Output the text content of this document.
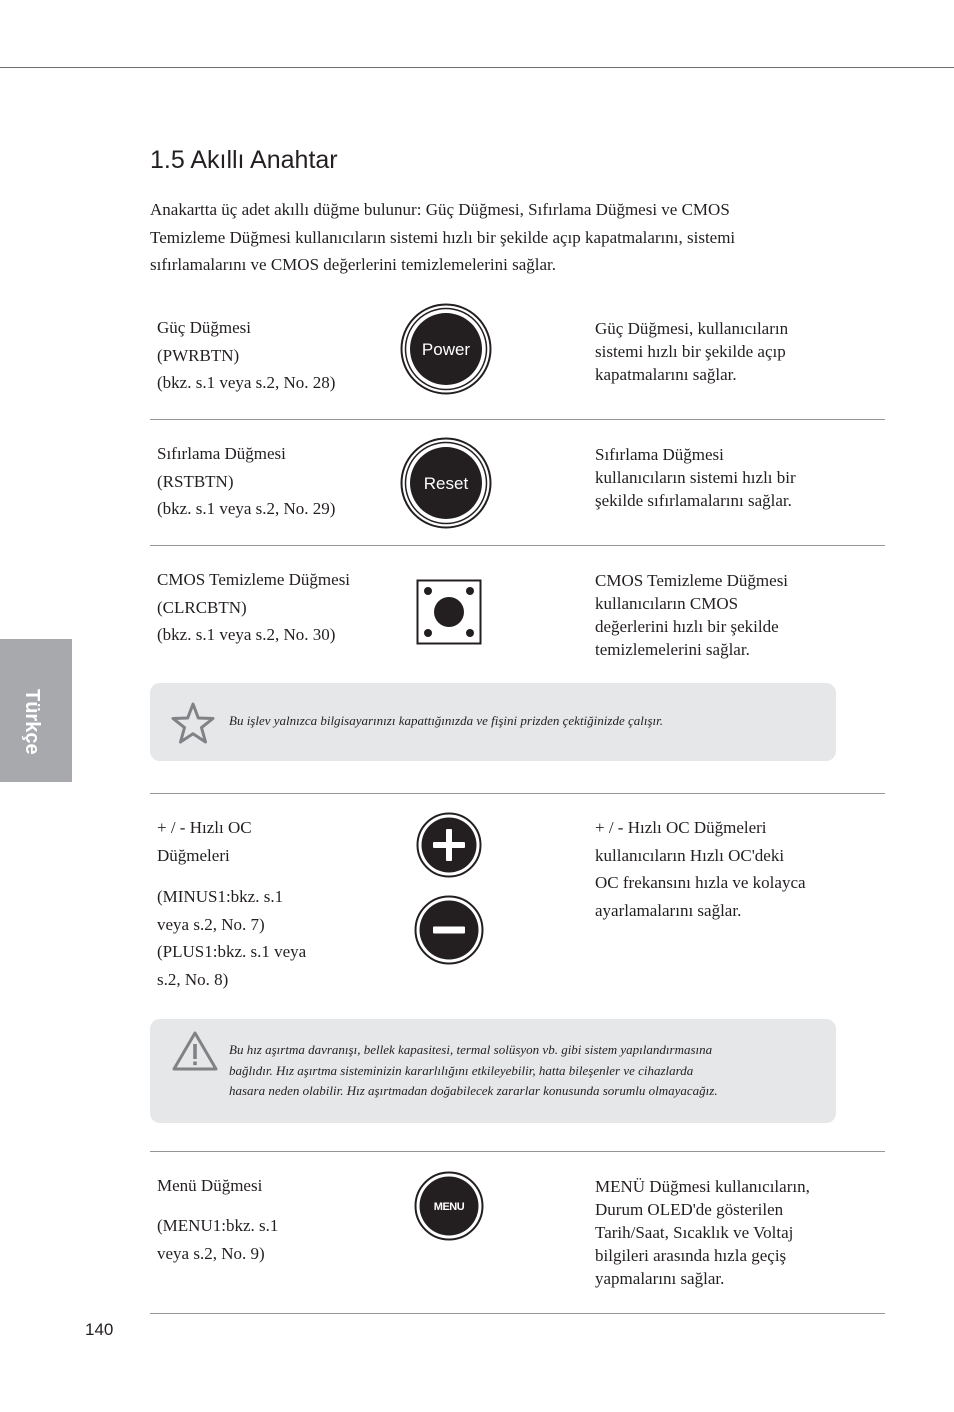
1.5 Akıllı Anahtar

Anakartta üç adet akıllı düğme bulunur: Güç Düğmesi, Sıfırlama Düğmesi ve CMOS
Temizleme Düğmesi kullanıcıların sistemi hızlı bir şekilde açıp kapatmalarını, sistemi
sıfırlamalarını ve CMOS değerlerini temizlemelerini sağlar.

Türkçe
Güç Düğmesi
(PWRBTN)
(bkz. s.1 veya s.2, No. 28)
Power
Güç Düğmesi, kullanıcıların
sistemi hızlı bir şekilde açıp
kapatmalarını sağlar.
Sıfırlama Düğmesi
(RSTBTN)
(bkz. s.1 veya s.2, No. 29)
Reset
Sıfırlama Düğmesi
kullanıcıların sistemi hızlı bir
şekilde sıfırlamalarını sağlar.
CMOS Temizleme Düğmesi
(CLRCBTN)
(bkz. s.1 veya s.2, No. 30)
CMOS Temizleme Düğmesi
kullanıcıların CMOS
değerlerini hızlı bir şekilde
temizlemelerini sağlar.
Bu işlev yalnızca bilgisayarınızı kapattığınızda ve fişini prizden çektiğinizde çalışır.
+ / - Hızlı OC
Düğmeleri
(MINUS1:bkz. s.1
veya s.2, No. 7)
(PLUS1:bkz. s.1 veya
s.2, No. 8)
+ / - Hızlı OC Düğmeleri
kullanıcıların Hızlı OC'deki
OC frekansını hızla ve kolayca
ayarlamalarını sağlar.
Bu hız aşırtma davranışı, bellek kapasitesi, termal solüsyon vb. gibi sistem yapılandırmasına
bağlıdır. Hız aşırtma sisteminizin kararlılığını etkileyebilir, hatta bileşenler ve cihazlarda
hasara neden olabilir. Hız aşırtmadan doğabilecek zararlar konusunda sorumlu olmayacağız.
Menü Düğmesi
(MENU1:bkz. s.1
veya s.2, No. 9)
MENU
MENÜ Düğmesi kullanıcıların,
Durum OLED'de gösterilen
Tarih/Saat, Sıcaklık ve Voltaj
bilgileri arasında hızla geçiş
yapmalarını sağlar.
140
